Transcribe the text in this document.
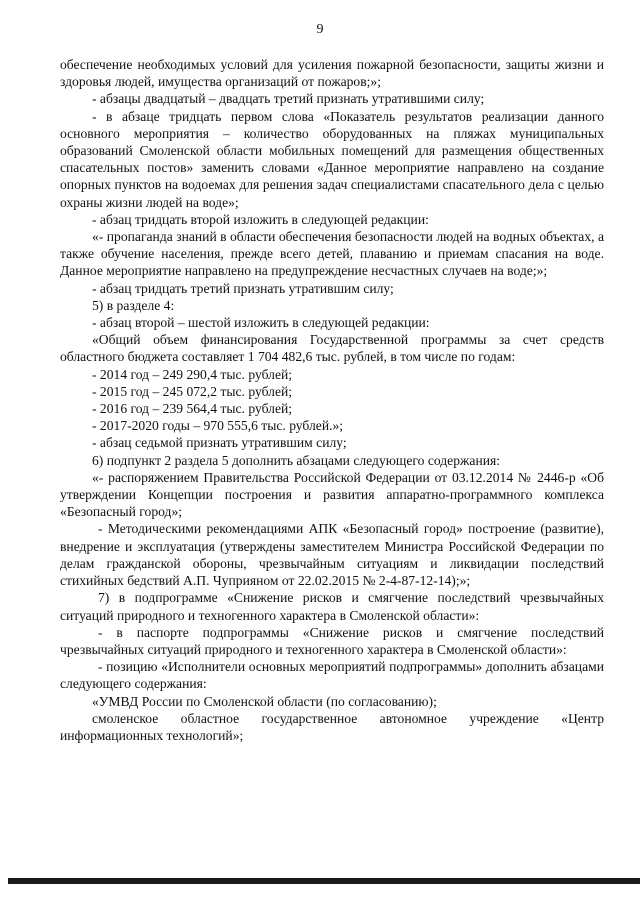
9

обеспечение необходимых условий для усиления пожарной безопасности, защиты жизни и здоровья людей, имущества организаций от пожаров;»;

- абзацы двадцатый – двадцать третий признать утратившими силу;

- в абзаце тридцать первом слова «Показатель результатов реализации данного основного мероприятия – количество оборудованных на пляжах муниципальных образований Смоленской области мобильных помещений для размещения общественных спасательных постов» заменить словами «Данное мероприятие направлено на создание опорных пунктов на водоемах для решения задач специалистами спасательного дела с целью охраны жизни людей на воде»;

- абзац тридцать второй изложить в следующей редакции:

«- пропаганда знаний в области обеспечения безопасности людей на водных объектах, а также обучение населения, прежде всего детей, плаванию и приемам спасания на воде. Данное мероприятие направлено на предупреждение несчастных случаев на воде;»;

- абзац тридцать третий признать утратившим силу;

5) в разделе 4:

- абзац второй – шестой изложить в следующей редакции:

«Общий объем финансирования Государственной программы за счет средств областного бюджета составляет 1 704 482,6 тыс. рублей, в том числе по годам:

- 2014 год – 249 290,4 тыс. рублей;

- 2015 год – 245 072,2 тыс. рублей;

- 2016 год – 239 564,4 тыс. рублей;

- 2017-2020 годы – 970 555,6 тыс. рублей.»;

- абзац седьмой признать утратившим силу;

6) подпункт 2 раздела 5 дополнить абзацами следующего содержания:

«- распоряжением Правительства Российской Федерации от 03.12.2014 № 2446-р «Об утверждении Концепции построения и развития аппаратно-программного комплекса «Безопасный город»;

- Методическими рекомендациями АПК «Безопасный город» построение (развитие), внедрение и эксплуатация (утверждены заместителем Министра Российской Федерации по делам гражданской обороны, чрезвычайным ситуациям и ликвидации последствий стихийных бедствий А.П. Чуприяном от 22.02.2015 № 2-4-87-12-14);»;

7) в подпрограмме «Снижение рисков и смягчение последствий чрезвычайных ситуаций природного и техногенного характера в Смоленской области»:

- в паспорте подпрограммы «Снижение рисков и смягчение последствий чрезвычайных ситуаций природного и техногенного характера в Смоленской области»:

- позицию «Исполнители основных мероприятий подпрограммы» дополнить абзацами следующего содержания:

«УМВД России по Смоленской области (по согласованию);

смоленское областное государственное автономное учреждение «Центр информационных технологий»;
